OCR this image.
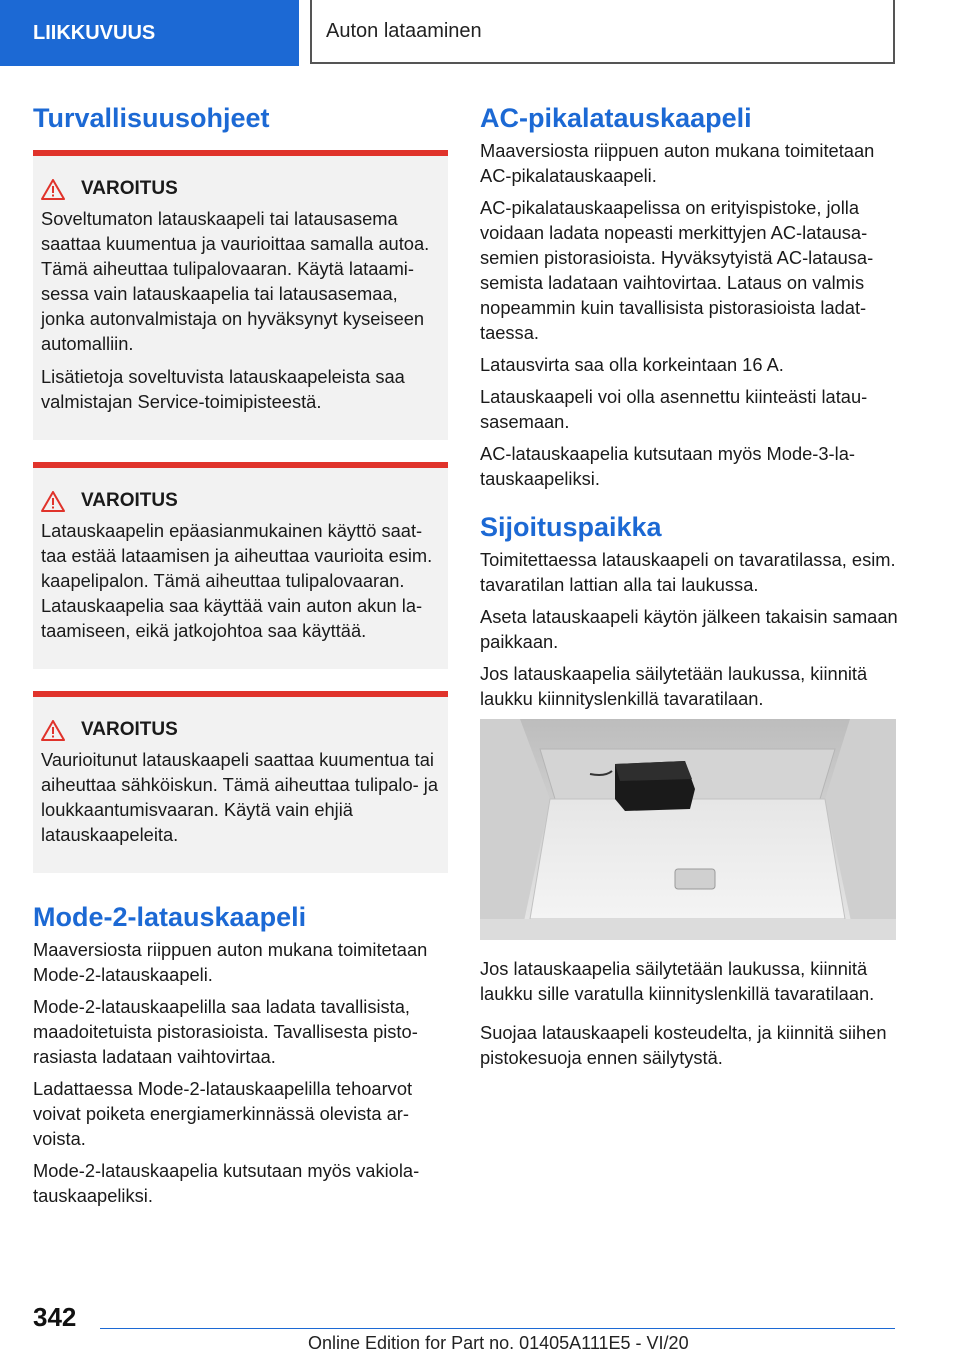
LIIKKUVUUS	Auton lataaminen
Turvallisuusohjeet
VAROITUS

Soveltumaton latauskaapeli tai latausasema saattaa kuumentua ja vaurioittaa samalla autoa. Tämä aiheuttaa tulipalovaaran. Käytä lataamisessa vain latauskaapelia tai latausasemaa, jonka autonvalmistaja on hyväksynyt kyseiseen automalliin.

Lisätietoja soveltuvista latauskaapeleista saa valmistajan Service-toimipisteestä.

VAROITUS

Latauskaapelin epäasianmukainen käyttö saattaa estää lataamisen ja aiheuttaa vaurioita esim. kaapelipalon. Tämä aiheuttaa tulipalovaaran. Latauskaapelia saa käyttää vain auton akun lataamiseen, eikä jatkojohtoa saa käyttää.

VAROITUS

Vaurioitunut latauskaapeli saattaa kuumentua tai aiheuttaa sähköiskun. Tämä aiheuttaa tulipalo- ja loukkaantumisvaaran. Käytä vain ehjiä latauskaapeleita.

Mode-2-latauskaapeli

Maaversiosta riippuen auton mukana toimitetaan Mode-2-latauskaapeli.

Mode-2-latauskaapelilla saa ladata tavallisista, maadoitetuista pistorasioista. Tavallisesta pistorasiasta ladataan vaihtovirtaa.

Ladattaessa Mode-2-latauskaapelilla tehoarvot voivat poiketa energiamerkinnässä olevista arvoista.

Mode-2-latauskaapelia kutsutaan myös vakiolatauskaapeliksi.

AC-pikalatauskaapeli

Maaversiosta riippuen auton mukana toimitetaan AC-pikalatauskaapeli.

AC-pikalatauskaapelissa on erityispistoke, jolla voidaan ladata nopeasti merkittyjen AC-latausasemien pistorasioista. Hyväksytyistä AC-latausasemista ladataan vaihtovirtaa. Lataus on valmis nopeammin kuin tavallisista pistorasioista ladattaessa.

Latausvirta saa olla korkeintaan 16 A.

Latauskaapeli voi olla asennettu kiinteästi latausasemaan.

AC-latauskaapelia kutsutaan myös Mode-3-latauskaapeliksi.

Sijoituspaikka

Toimitettaessa latauskaapeli on tavaratilassa, esim. tavaratilan lattian alla tai laukussa.

Aseta latauskaapeli käytön jälkeen takaisin samaan paikkaan.

Jos latauskaapelia säilytetään laukussa, kiinnitä laukku kiinnityslenkillä tavaratilaan.

Jos latauskaapelia säilytetään laukussa, kiinnitä laukku sille varatulla kiinnityslenkillä tavaratilaan.

Suojaa latauskaapeli kosteudelta, ja kiinnitä siihen pistokesuoja ennen säilytystä.

342
Online Edition for Part no. 01405A111E5 - VI/20
